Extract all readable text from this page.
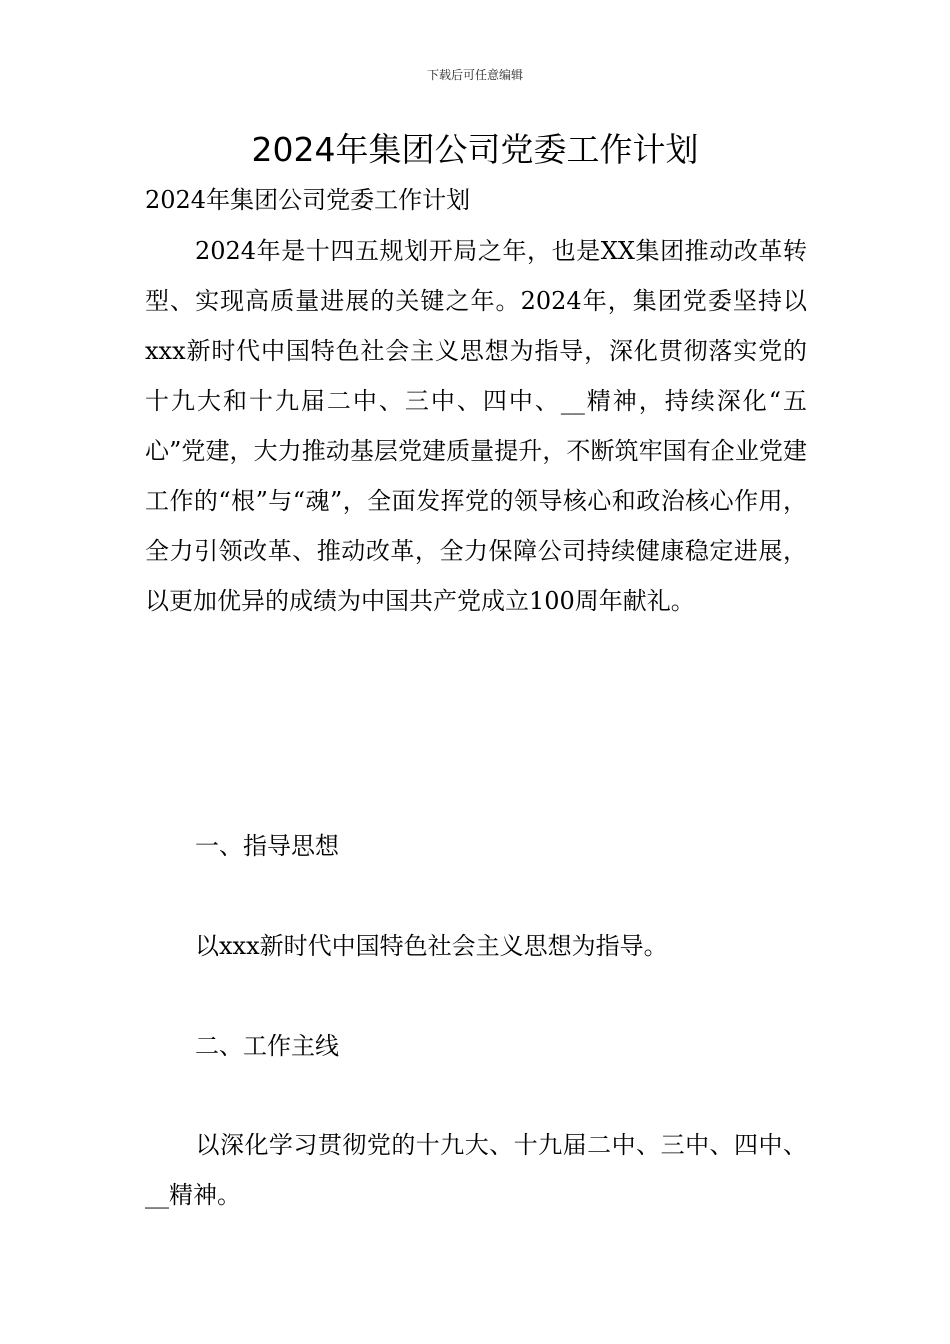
下载后可任意编辑
2024年集团公司党委工作计划
2024年集团公司党委工作计划
2024年是十四五规划开局之年，也是XX集团推动改革转型、实现高质量进展的关键之年。2024年，集团党委坚持以xxx新时代中国特色社会主义思想为指导，深化贯彻落实党的十九大和十九届二中、三中、四中、__精神，持续深化“五心”党建，大力推动基层党建质量提升，不断筑牢国有企业党建工作的“根”与“魂”，全面发挥党的领导核心和政治核心作用，全力引领改革、推动改革，全力保障公司持续健康稳定进展，以更加优异的成绩为中国共产党成立100周年献礼。
一、指导思想
以xxx新时代中国特色社会主义思想为指导。
二、工作主线
以深化学习贯彻党的十九大、十九届二中、三中、四中、__精神。
